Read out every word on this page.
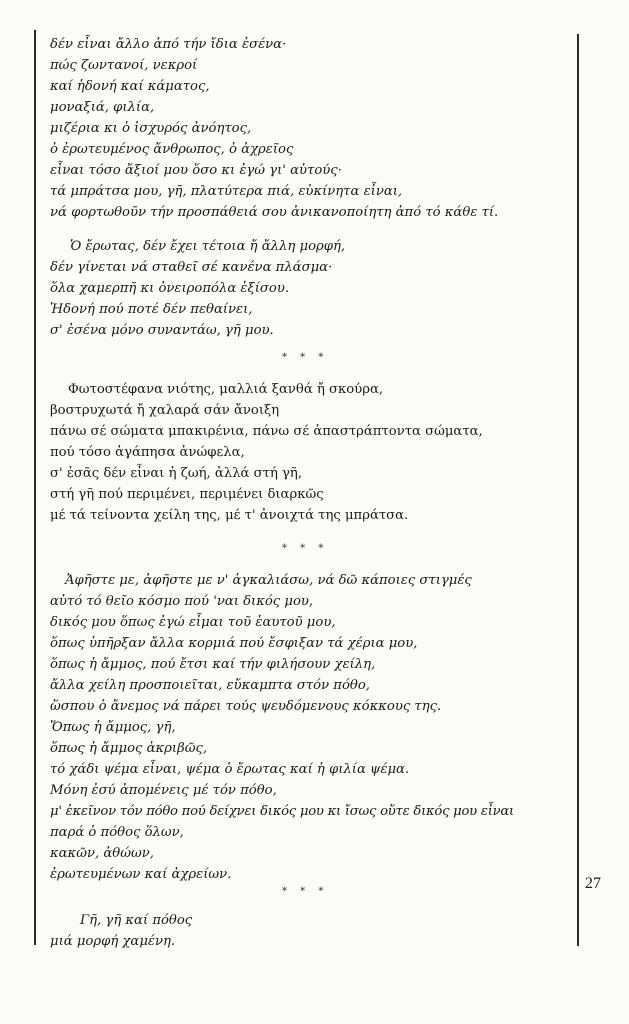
δέν εἶναι ἄλλο ἀπό τήν ἴδια ἐσένα·
πώς ζωντανοί, νεκροί
καί ἡδονή καί κάματος,
μοναξιά, φιλία,
μιζέρια κι ὁ ἰσχυρός ἀνόητος,
ὁ ἐρωτευμένος ἄνθρωπος, ὁ ἀχρεῖος
εἶναι τόσο ἄξιοί μου ὅσο κι ἐγώ γι' αὐτούς·
τά μπράτσα μου, γῆ, πλατύτερα πιά, εὐκίνητα εἶναι,
νά φορτωθοῦν τήν προσπάθειά σου ἀνικανοποίητη ἀπό τό κάθε τί.
Ὁ ἔρωτας, δέν ἔχει τέτοια ἤ ἄλλη μορφή,
δέν γίνεται νά σταθεῖ σέ κανένα πλάσμα·
ὅλα χαμερπῆ κι ὀνειροπόλα ἐξίσου.
Ἡδονή πού ποτέ δέν πεθαίνει,
σ' ἐσένα μόνο συναντάω, γῆ μου.
* * *
Φωτοστέφανα νιότης, μαλλιά ξανθά ἤ σκούρα,
βοστρυχωτά ἤ χαλαρά σάν ἄνοιξη
πάνω σέ σώματα μπακιρένια, πάνω σέ ἀπαστράπτοντα σώματα,
πού τόσο ἀγάπησα ἀνώφελα,
σ' ἐσᾶς δέν εἶναι ἡ ζωή, ἀλλά στή γῆ,
στή γῆ πού περιμένει, περιμένει διαρκῶς
μέ τά τείνοντα χείλη της, μέ τ' ἀνοιχτά της μπράτσα.
* * *
Ἀφῆστε με, ἀφῆστε με ν' ἀγκαλιάσω, νά δῶ κάποιες στιγμές
αὐτό τό θεῖο κόσμο πού 'ναι δικός μου,
δικός μου ὅπως ἐγώ εἶμαι τοῦ ἑαυτοῦ μου,
ὅπως ὑπῆρξαν ἄλλα κορμιά πού ἔσφιξαν τά χέρια μου,
ὅπως ἡ ἄμμος, πού ἔτσι καί τήν φιλήσουν χείλη,
ἄλλα χείλη προσποιεῖται, εὔκαμπτα στόν πόθο,
ὥσπου ὁ ἄνεμος νά πάρει τούς ψευδόμενους κόκκους της.
Ὅπως ἡ ἄμμος, γῆ,
ὅπως ἡ ἄμμος ἀκριβῶς,
τό χάδι ψέμα εἶναι, ψέμα ὁ ἔρωτας καί ἡ φιλία ψέμα.
Μόνη ἐσύ ἀπομένεις μέ τόν πόθο,
μ' ἐκεῖνον τόν πόθο πού δείχνει δικός μου κι ἴσως οὔτε δικός μου εἶναι
παρά ὁ πόθος ὅλων,
κακῶν, ἀθώων,
ἐρωτευμένων καί ἀχρείων.
* * *
Γῆ, γῆ καί πόθος
μιά μορφή χαμένη.
27
